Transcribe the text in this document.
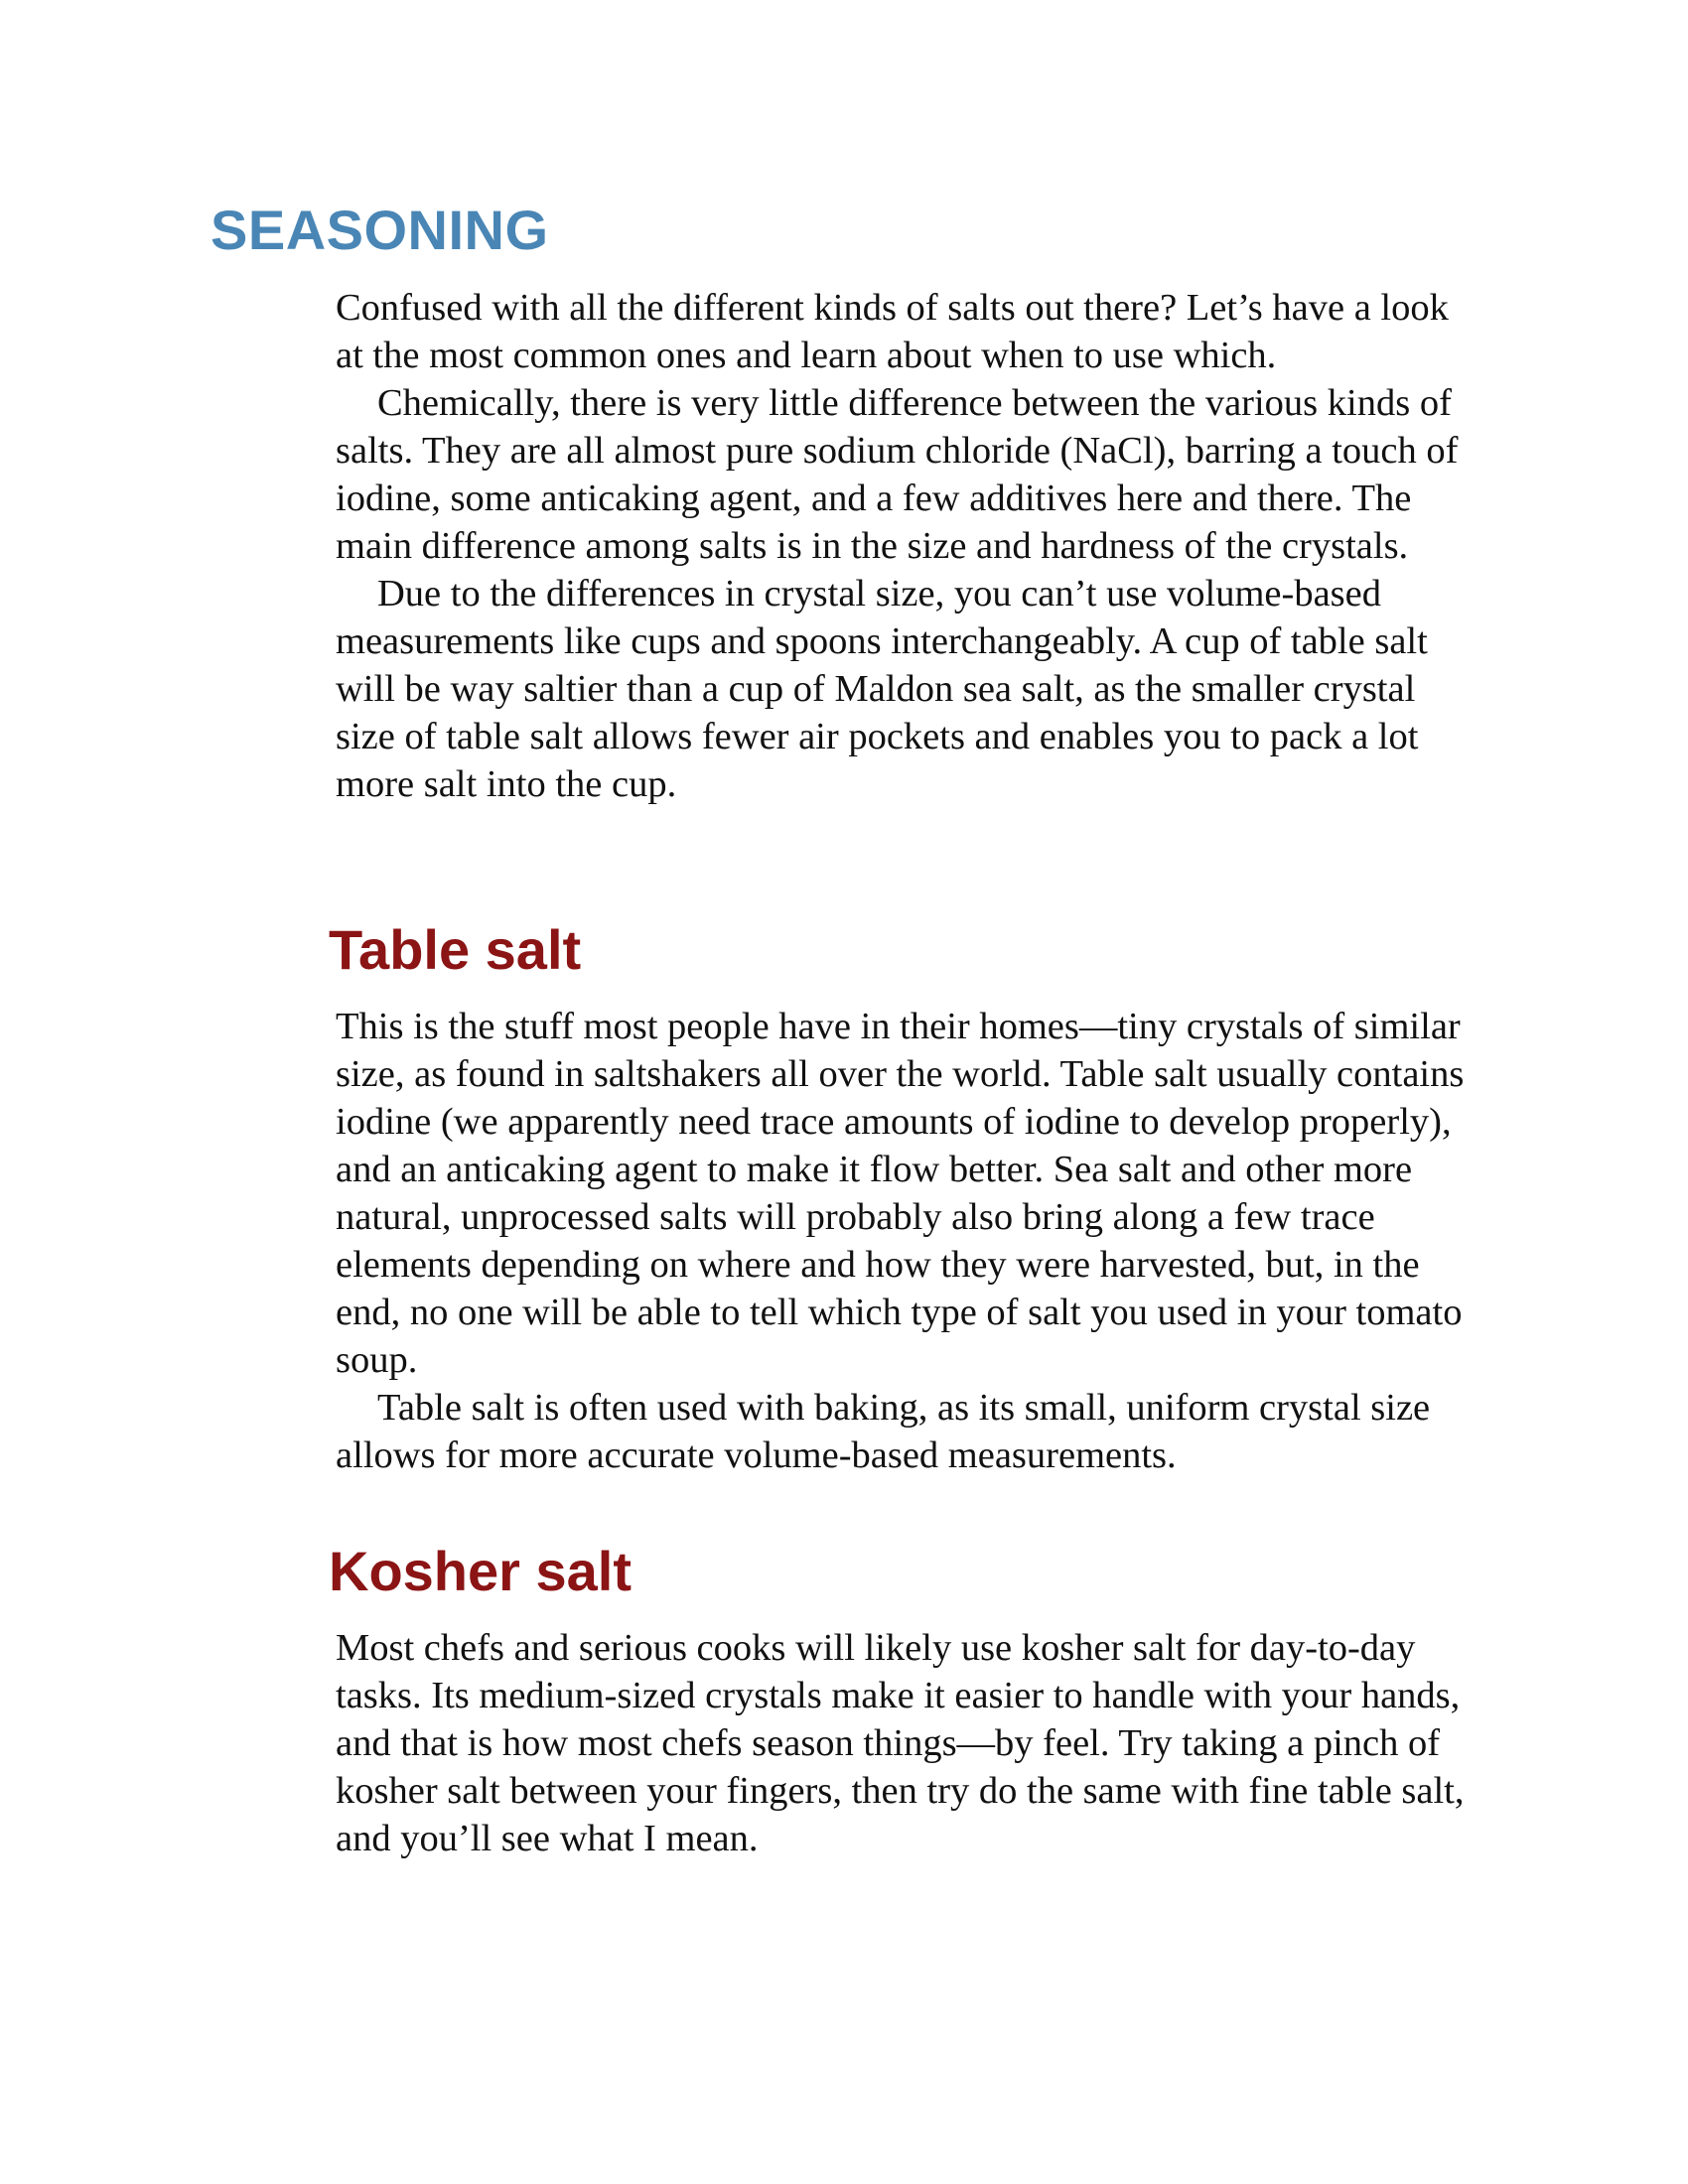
SEASONING

Confused with all the different kinds of salts out there? Let’s have a look at the most common ones and learn about when to use which.

Chemically, there is very little difference between the various kinds of salts. They are all almost pure sodium chloride (NaCl), barring a touch of iodine, some anticaking agent, and a few additives here and there. The main difference among salts is in the size and hardness of the crystals.

Due to the differences in crystal size, you can’t use volume-based measurements like cups and spoons interchangeably. A cup of table salt will be way saltier than a cup of Maldon sea salt, as the smaller crystal size of table salt allows fewer air pockets and enables you to pack a lot more salt into the cup.

Table salt

This is the stuff most people have in their homes—tiny crystals of similar size, as found in saltshakers all over the world. Table salt usually contains iodine (we apparently need trace amounts of iodine to develop properly), and an anticaking agent to make it flow better. Sea salt and other more natural, unprocessed salts will probably also bring along a few trace elements depending on where and how they were harvested, but, in the end, no one will be able to tell which type of salt you used in your tomato soup.

Table salt is often used with baking, as its small, uniform crystal size allows for more accurate volume-based measurements.

Kosher salt

Most chefs and serious cooks will likely use kosher salt for day-to-day tasks. Its medium-sized crystals make it easier to handle with your hands, and that is how most chefs season things—by feel. Try taking a pinch of kosher salt between your fingers, then try do the same with fine table salt, and you’ll see what I mean.
